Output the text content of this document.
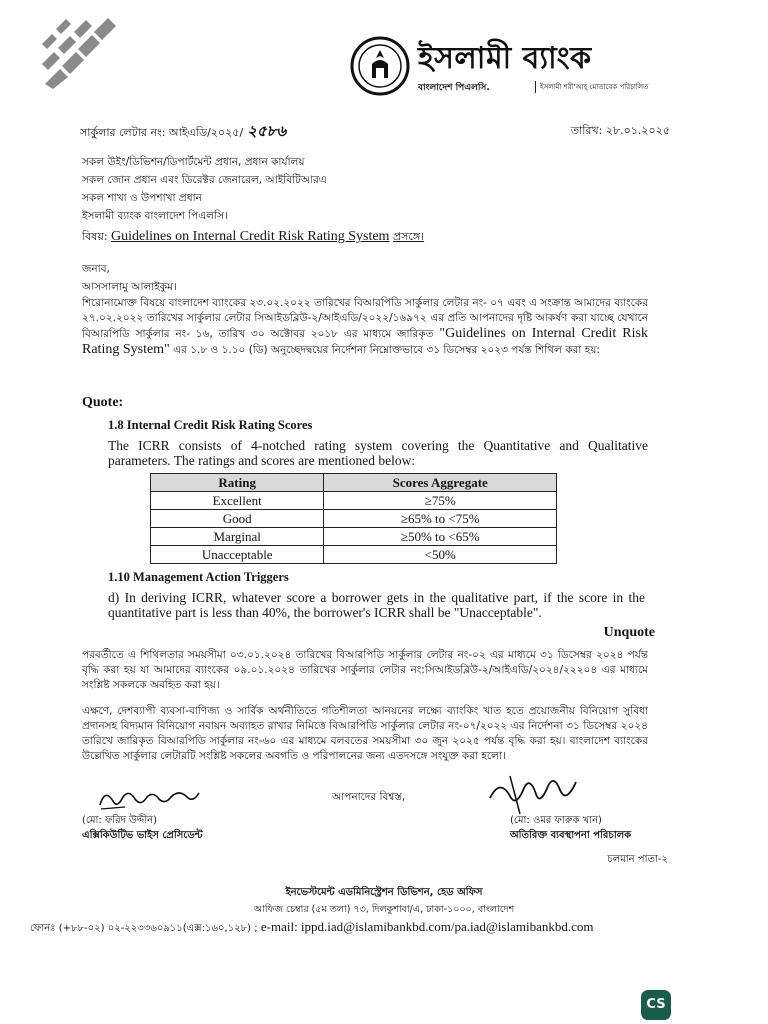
ইসলামী ব্যাংক
বাংলাদেশ পিএলসি.	ইসলামী শরী'আহ্ মোতাবেক পরিচালিত
সার্কুলার লেটার নং: আইএডি/২০২৫/ ২৫৮৬	তারিখ: ২৮.০১.২০২৫
সকল উইং/ডিভিশন/ডিপার্টমেন্ট প্রধান, প্রধান কার্যালয়
সকল জোন প্রধান এবং ডিরেক্টর জেনারেল, আইবিটিআরএ
সকল শাখা ও উপশাখা প্রধান
ইসলামী ব্যাংক বাংলাদেশ পিএলসি।
বিষয়: Guidelines on Internal Credit Risk Rating System প্রসঙ্গে।
জনাব,
আসসালামু আলাইকুম।
শিরোনামোক্ত বিষয়ে বাংলাদেশ ব্যাংকের ২৩.০২.২০২২ তারিখের বিআরপিডি সার্কুলার লেটার নং- ০৭ এবং এ সংক্রান্ত আমাদের ব্যাংকের ২৭.০২.২০২২ তারিখের সার্কুলার লেটার সিআইডব্লিউ-২/আইএডি/২০২২/১৬৯৭২ এর প্রতি আপনাদের দৃষ্টি আকর্ষণ করা যাচ্ছে যেখানে বিআরপিডি সার্কুলার নং- ১৬, তারিখ ৩০ অক্টোবর ২০১৮ এর মাধ্যমে জারিকৃত "Guidelines on Internal Credit Risk Rating System" এর ১.৮ ও ১.১০ (ডি) অনুচ্ছেদদ্বয়ের নির্দেশনা নিম্নোক্তভাবে ৩১ ডিসেম্বর ২০২৩ পর্যন্ত শিথিল করা হয়:
Quote:
1.8 Internal Credit Risk Rating Scores
The ICRR consists of 4-notched rating system covering the Quantitative and Qualitative parameters. The ratings and scores are mentioned below:
Rating	Scores Aggregate
Excellent	≥75%
Good	≥65% to <75%
Marginal	≥50% to <65%
Unacceptable	<50%
1.10 Management Action Triggers
d) In deriving ICRR, whatever score a borrower gets in the qualitative part, if the score in the quantitative part is less than 40%, the borrower's ICRR shall be "Unacceptable".
Unquote
পরবর্তীতে এ শিথিলতার সময়সীমা ০৩.০১.২০২৪ তারিখের বিআরপিডি সার্কুলার লেটার নং-০২ এর মাধ্যমে ৩১ ডিসেম্বর ২০২৪ পর্যন্ত বৃদ্ধি করা হয় যা আমাদের ব্যাংকের ০৯.০১.২০২৪ তারিখের সার্কুলার লেটার নং:সিআইডব্লিউ-২/আইএডি/২০২৪/২২২০৪ এর মাধ্যমে সংশ্লিষ্ট সকলকে অবহিত করা হয়।
এক্ষণে, দেশব্যাপী ব্যবসা-বাণিজ্য ও সার্বিক অর্থনীতিতে গতিশীলতা আনয়নের লক্ষ্যে ব্যাংকিং খাত হতে প্রয়োজনীয় বিনিয়োগ সুবিধা প্রদানসহ বিদ্যমান বিনিয়োগ নবায়ন অব্যাহত রাখার নিমিত্তে বিআরপিডি সার্কুলার লেটার নং-০৭/২০২২ এর নির্দেশনা ৩১ ডিসেম্বর ২০২৪ তারিখে জারিকৃত বিআরপিডি সার্কুলার নং-৬০ এর মাধ্যমে বলবতের সময়সীমা ৩০ জুন ২০২৫ পর্যন্ত বৃদ্ধি করা হয়। বাংলাদেশ ব্যাংকের উল্লেখিত সার্কুলার লেটারটি সংশ্লিষ্ট সকলের অবগতি ও পরিপালনের জন্য এতদসঙ্গে সংযুক্ত করা হলো।
আপনাদের বিশ্বস্ত,
(মো: ফরিদ উদ্দীন)
এক্সিকিউটিভ ভাইস প্রেসিডেন্ট
(মো: ওমর ফারুক খান)
অতিরিক্ত ব্যবস্থাপনা পরিচালক
চলমান পাতা-২
ইনভেস্টমেন্ট এডমিনিস্ট্রেশন ডিভিশন, হেড অফিস
আফিজ চেম্বার (৫ম তলা) ৭৩, দিলকুশাবা/এ, ঢাকা-১০০০, বাংলাদেশ
ফোনঃ (+৮৮-০২) ০২-২২৩৩৬০৯১১(এক্স:১৬০,১২৮) ; e-mail: ippd.iad@islamibankbd.com/pa.iad@islamibankbd.com
CS
